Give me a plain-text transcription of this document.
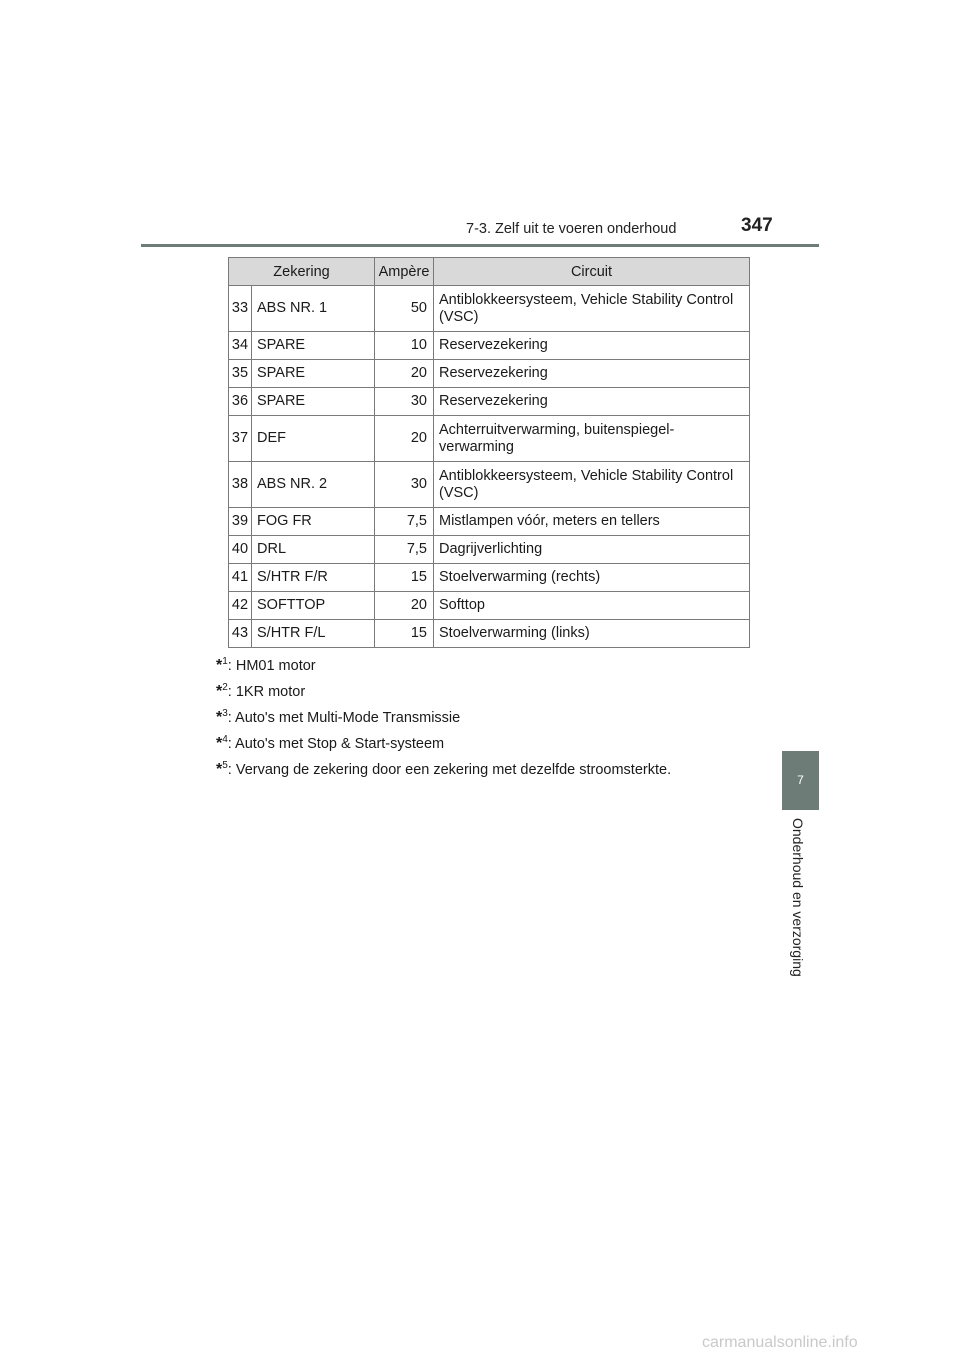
7-3. Zelf uit te voeren onderhoud	347
Zekering		Ampère	Circuit
33	ABS NR. 1	50	Antiblokkeersysteem, Vehicle Stability Control (VSC)
34	SPARE	10	Reservezekering
35	SPARE	20	Reservezekering
36	SPARE	30	Reservezekering
37	DEF	20	Achterruitverwarming, buitenspiegel-verwarming
38	ABS NR. 2	30	Antiblokkeersysteem, Vehicle Stability Control (VSC)
39	FOG FR	7,5	Mistlampen vóór, meters en tellers
40	DRL	7,5	Dagrijverlichting
41	S/HTR F/R	15	Stoelverwarming (rechts)
42	SOFTTOP	20	Softtop
43	S/HTR F/L	15	Stoelverwarming (links)
*$^1$: HM01 motor
*$^2$: 1KR motor
*$^3$: Auto's met Multi-Mode Transmissie
*$^4$: Auto's met Stop & Start-systeem
*$^5$: Vervang de zekering door een zekering met dezelfde stroomsterkte.
7
Onderhoud en verzorging
carmanualsonline.info
